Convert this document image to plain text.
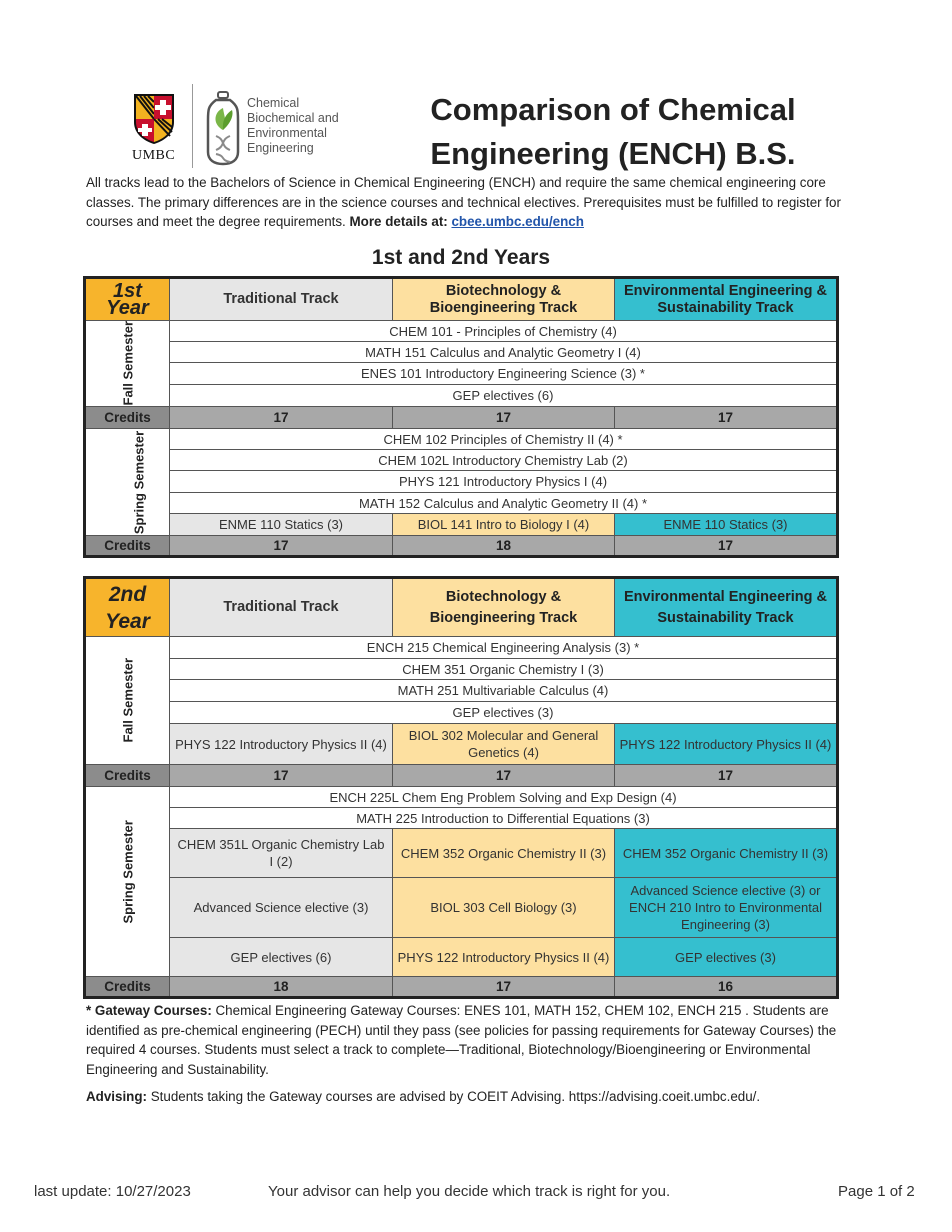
UMBC
Chemical Biochemical and Environmental Engineering
Comparison of Chemical Engineering (ENCH) B.S.
All tracks lead to the Bachelors of Science in Chemical Engineering (ENCH) and require the same chemical engineering core classes. The primary differences are in the science courses and technical electives. Prerequisites must be fulfilled to register for courses and meet the degree requirements. More details at: cbee.umbc.edu/ench
1st and 2nd Years
1st Year	Traditional Track	Biotechnology & Bioengineering Track	Environmental Engineering & Sustainability Track

Fall Semester	CHEM 101 - Principles of Chemistry (4)		
	MATH 151 Calculus and Analytic Geometry I (4)		
	ENES 101 Introductory Engineering Science (3) *		
	GEP electives (6)		
Credits	17	17	17

Spring Semester	CHEM 102 Principles of Chemistry II (4) *		
	CHEM 102L Introductory Chemistry Lab (2)		
	PHYS 121 Introductory Physics I (4)		
	MATH 152 Calculus and Analytic Geometry II (4) *		
	ENME 110 Statics (3)	BIOL 141 Intro to Biology I (4)	ENME 110 Statics (3)
Credits	17	18	17
2nd Year	Traditional Track	Biotechnology & Bioengineering Track	Environmental Engineering & Sustainability Track

Fall Semester	ENCH 215 Chemical Engineering Analysis (3) *		
	CHEM 351 Organic Chemistry I (3)		
	MATH 251 Multivariable Calculus (4)		
	GEP electives (3)		
	PHYS 122 Introductory Physics II (4)	BIOL 302 Molecular and General Genetics (4)	PHYS 122 Introductory Physics II (4)
Credits	17	17	17

Spring Semester	ENCH 225L Chem Eng Problem Solving and Exp Design (4)		
	MATH 225 Introduction to Differential Equations (3)		
	CHEM 351L Organic Chemistry Lab I (2)	CHEM 352 Organic Chemistry II (3)	CHEM 352 Organic Chemistry II (3)
	Advanced Science elective (3)	BIOL 303 Cell Biology (3)	Advanced Science elective (3) or ENCH 210 Intro to Environmental Engineering (3)
	GEP electives (6)	PHYS 122 Introductory Physics II (4)	GEP electives (3)
Credits	18	17	16
* Gateway Courses: Chemical Engineering Gateway Courses: ENES 101, MATH 152, CHEM 102, ENCH 215 . Students are identified as pre-chemical engineering (PECH) until they pass (see policies for passing requirements for Gateway Courses) the required 4 courses. Students must select a track to complete—Traditional, Biotechnology/Bioengineering or Environmental Engineering and Sustainability.
Advising: Students taking the Gateway courses are advised by COEIT Advising. https://advising.coeit.umbc.edu/.
last update: 10/27/2023	Your advisor can help you decide which track is right for you.	Page 1 of 2
